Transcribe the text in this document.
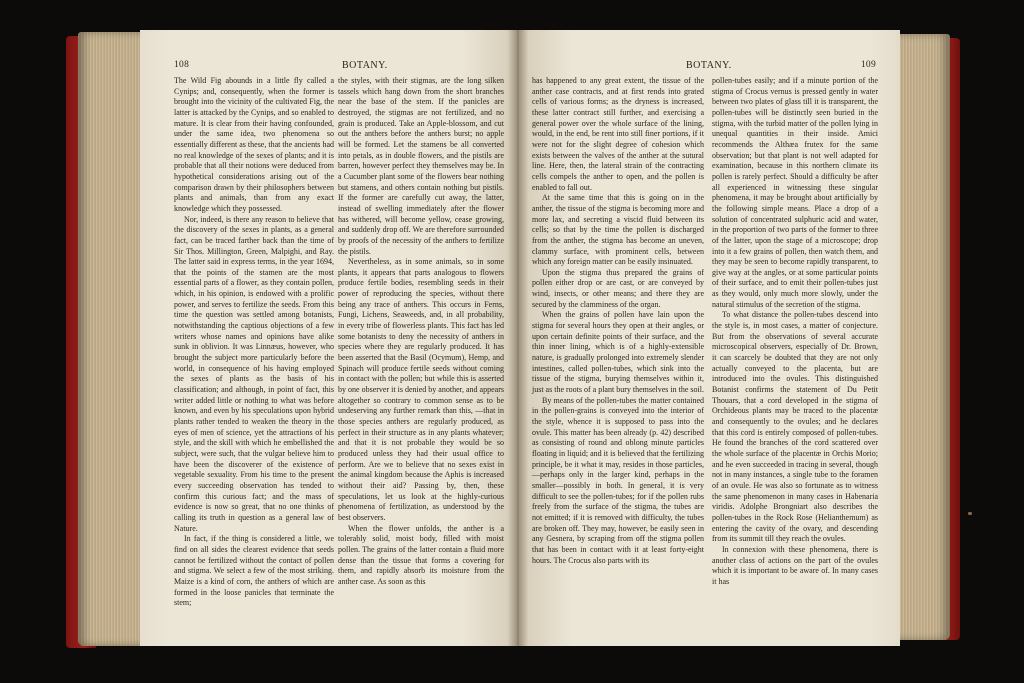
108	BOTANY.

The Wild Fig abounds in a little fly called a Cynips; and, consequently, when the former is brought into the vicinity of the cultivated Fig, the latter is attacked by the Cynips, and so enabled to mature. It is clear from their having confounded, under the same idea, two phenomena so essentially different as these, that the ancients had no real knowledge of the sexes of plants; and it is probable that all their notions were deduced from hypothetical considerations arising out of the comparison drawn by their philosophers between plants and animals, than from any exact knowledge which they possessed.

Nor, indeed, is there any reason to believe that the discovery of the sexes in plants, as a general fact, can be traced farther back than the time of Sir Thos. Millington, Green, Malpighi, and Ray. The latter said in express terms, in the year 1694, that the points of the stamen are the most essential parts of a flower, as they contain pollen, which, in his opinion, is endowed with a prolific power, and serves to fertilize the seeds. From this time the question was settled among botanists, notwithstanding the captious objections of a few writers whose names and opinions have alike sunk in oblivion. It was Linnæus, however, who brought the subject more particularly before the world, in consequence of his having employed the sexes of plants as the basis of his classification; and although, in point of fact, this writer added little or nothing to what was before known, and even by his speculations upon hybrid plants rather tended to weaken the theory in the eyes of men of science, yet the attractions of his style, and the skill with which he embellished the subject, were such, that the vulgar believe him to have been the discoverer of the existence of vegetable sexuality. From his time to the present every succeeding observation has tended to confirm this curious fact; and the mass of evidence is now so great, that no one thinks of calling its truth in question as a general law of Nature.

In fact, if the thing is considered a little, we find on all sides the clearest evidence that seeds cannot be fertilized without the contact of pollen and stigma. We select a few of the most striking. Maize is a kind of corn, the anthers of which are formed in the loose panicles that terminate the stem;

the styles, with their stigmas, are the long silken tassels which hang down from the short branches near the base of the stem. If the panicles are destroyed, the stigmas are not fertilized, and no grain is produced. Take an Apple-blossom, and cut out the anthers before the anthers burst; no apple will be formed. Let the stamens be all converted into petals, as in double flowers, and the pistils are barren, however perfect they themselves may be. In a Cucumber plant some of the flowers bear nothing but stamens, and others contain nothing but pistils. If the former are carefully cut away, the latter, instead of swelling immediately after the flower has withered, will become yellow, cease growing, and suddenly drop off. We are therefore surrounded by proofs of the necessity of the anthers to fertilize the pistils.

Nevertheless, as in some animals, so in some plants, it appears that parts analogous to flowers produce fertile bodies, resembling seeds in their power of reproducing the species, without there being any trace of anthers. This occurs in Ferns, Fungi, Lichens, Seaweeds, and, in all probability, in every tribe of flowerless plants. This fact has led some botanists to deny the necessity of anthers in species where they are regularly produced. It has been asserted that the Basil (Ocymum), Hemp, and Spinach will produce fertile seeds without coming in contact with the pollen; but while this is asserted by one observer it is denied by another, and appears altogether so contrary to common sense as to be undeserving any further remark than this, —that in those species anthers are regularly produced, as perfect in their structure as in any plants whatever; and that it is not probable they would be so produced unless they had their usual office to perform. Are we to believe that no sexes exist in the animal kingdom because the Aphis is increased without their aid? Passing by, then, these speculations, let us look at the highly-curious phenomena of fertilization, as understood by the best observers.

When the flower unfolds, the anther is a tolerably solid, moist body, filled with moist pollen. The grains of the latter contain a fluid more dense than the tissue that forms a covering for them, and rapidly absorb its moisture from the anther case. As soon as this

BOTANY.	109

has happened to any great extent, the tissue of the anther case contracts, and at first rends into grated cells of various forms; as the dryness is increased, these latter contract still further, and exercising a general power over the whole surface of the lining, would, in the end, be rent into still finer portions, if it were not for the slight degree of cohesion which exists between the valves of the anther at the sutural line. Here, then, the lateral strain of the contracting cells compels the anther to open, and the pollen is enabled to fall out.

At the same time that this is going on in the anther, the tissue of the stigma is becoming more and more lax, and secreting a viscid fluid between its cells; so that by the time the pollen is discharged from the anther, the stigma has become an uneven, clammy surface, with prominent cells, between which any foreign matter can be easily insinuated.

Upon the stigma thus prepared the grains of pollen either drop or are cast, or are conveyed by wind, insects, or other means; and there they are secured by the clamminess of the organ.

When the grains of pollen have lain upon the stigma for several hours they open at their angles, or upon certain definite points of their surface, and the thin inner lining, which is of a highly-extensible nature, is gradually prolonged into extremely slender intestines, called pollen-tubes, which sink into the tissue of the stigma, burying themselves within it, just as the roots of a plant bury themselves in the soil.

By means of the pollen-tubes the matter contained in the pollen-grains is conveyed into the interior of the style, whence it is supposed to pass into the ovule. This matter has been already (p. 42) described as consisting of round and oblong minute particles floating in liquid; and it is believed that the fertilizing principle, be it what it may, resides in those particles,—perhaps only in the larger kind, perhaps in the smaller—possibly in both. In general, it is very difficult to see the pollen-tubes; for if the pollen rubs freely from the surface of the stigma, the tubes are not emitted; if it is removed with difficulty, the tubes are broken off. They may, however, be easily seen in any Gesnera, by scraping from off the stigma pollen that has been in contact with it at least forty-eight hours. The Crocus also parts with its

pollen-tubes easily; and if a minute portion of the stigma of Crocus vernus is pressed gently in water between two plates of glass till it is transparent, the pollen-tubes will be distinctly seen buried in the stigma, with the turbid matter of the pollen lying in unequal quantities in their inside. Amici recommends the Althæa frutex for the same observation; but that plant is not well adapted for examination, because in this northern climate its pollen is rarely perfect. Should a difficulty be after all experienced in witnessing these singular phenomena, it may be brought about artificially by the following simple means. Place a drop of a solution of concentrated sulphuric acid and water, in the proportion of two parts of the former to three of the latter, upon the stage of a microscope; drop into it a few grains of pollen, then watch them, and they may be seen to become rapidly transparent, to give way at the angles, or at some particular points of their surface, and to emit their pollen-tubes just as they would, only much more slowly, under the natural stimulus of the secretion of the stigma.

To what distance the pollen-tubes descend into the style is, in most cases, a matter of conjecture. But from the observations of several accurate microscopical observers, especially of Dr. Brown, it can scarcely be doubted that they are not only actually conveyed to the placenta, but are introduced into the ovules. This distinguished Botanist confirms the statement of Du Petit Thouars, that a cord developed in the stigma of Orchideous plants may be traced to the placentæ and consequently to the ovules; and he declares that this cord is entirely composed of pollen-tubes. He found the branches of the cord scattered over the whole surface of the placentæ in Orchis Morio; and he even succeeded in tracing in several, though not in many instances, a single tube to the foramen of an ovule. He was also so fortunate as to witness the same phenomenon in many cases in Habenaria viridis. Adolphe Brongniart also describes the pollen-tubes in the Rock Rose (Helianthemum) as entering the cavity of the ovary, and descending from its summit till they reach the ovules.

In connexion with these phenomena, there is another class of actions on the part of the ovules which it is important to be aware of. In many cases it has
